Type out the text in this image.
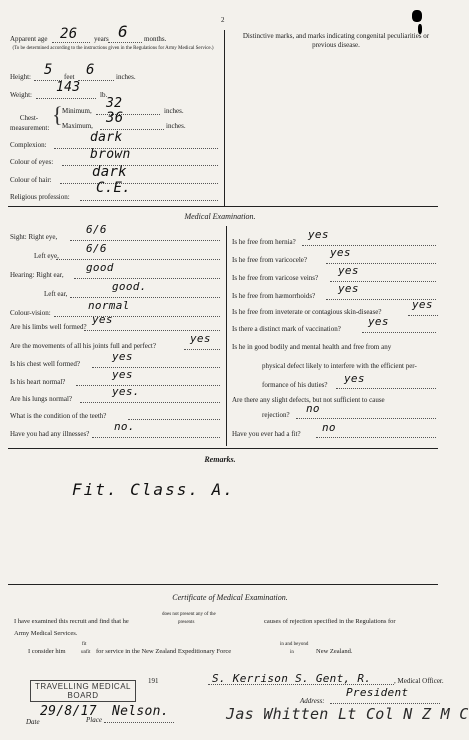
2
Apparent age 26 years 6 months.
(To be determined according to the instructions given in the Regulations for Army Medical Service.)
Height: 5 feet 6	inches.
Weight: 143	lb.
Chest-measurement:
{ Minimum, 32	inches.
Maximum, 36	inches.
Complexion:	dark
Colour of eyes:	brown
Colour of hair:	dark
Religious profession:
C.E.
Distinctive marks, and marks indicating congenital peculiarities or previous disease.
Medical Examination.
Sight: Right eye,
6/6
Left eye,
6/6
Hearing: Right ear,
good
Left ear,
good.
Colour-vision:
normal
Are his limbs well formed?
yes
Are the movements of all his joints full and perfect?
yes
Is his chest well formed?
yes
Is his heart normal?
yes
Are his lungs normal?
yes.
What is the condition of the teeth?
Have you had any illnesses?
no.
Is he free from hernia?
yes
Is he free from varicocele?
yes
Is he free from varicose veins?
yes
Is he free from hæmorrhoids?
yes
Is he free from inveterate or contagious skin-disease?
yes
Is there a distinct mark of vaccination?
yes
Is he in good bodily and mental health and free from any
physical defect likely to interfere with the efficient per-
formance of his duties? yes
Are there any slight defects, but not sufficient to cause
rejection? no
Have you ever had a fit? no
Remarks.
Fit. Class. A.
Certificate of Medical Examination.
I have examined this recruit and find that he
does not present any of the
presents	causes of rejection specified in the Regulations for
Army Medical Services.
I consider him
fit
unfit for service in the New Zealand Expeditionary Force
in and beyond
in	New Zealand.
191
TRAVELLING MEDICAL
BOARD
Date
29/8/17
Place
Nelson.
S. Kerrison S. Gent, R.	, Medical Officer.
Address:
President
Jas Whitten Lt Col N Z M C
